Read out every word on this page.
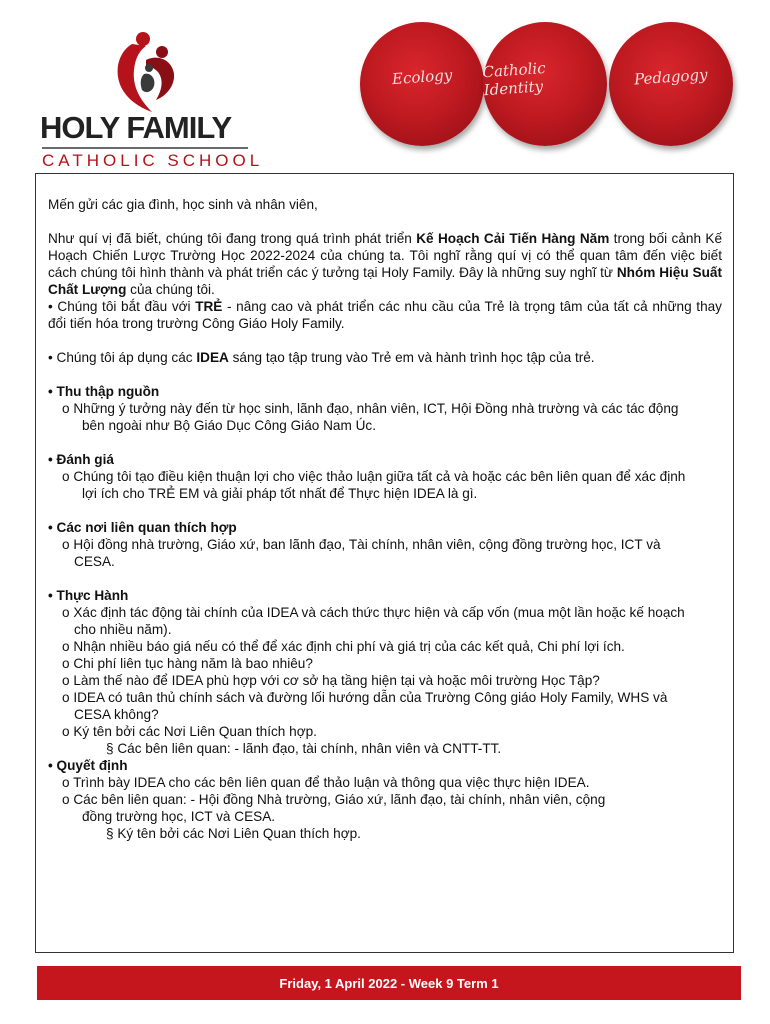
HOLY FAMILY
CATHOLIC SCHOOL
Ecology Catholic Identity	Pedagogy

Mến gửi các gia đình, học sinh và nhân viên,

Như quí vị đã biết, chúng tôi đang trong quá trình phát triển Kế Hoạch Cải Tiến Hàng Năm trong bối cảnh Kế Hoạch Chiến Lược Trường Học 2022-2024 của chúng ta. Tôi nghĩ rằng quí vị có thể quan tâm đến việc biết cách chúng tôi hình thành và phát triển các ý tưởng tại Holy Family. Đây là những suy nghĩ từ Nhóm Hiệu Suất Chất Lượng của chúng tôi.

• Chúng tôi bắt đầu với TRẺ - nâng cao và phát triển các nhu cầu của Trẻ là trọng tâm của tất cả những thay đổi tiến hóa trong trường Công Giáo Holy Family.

• Chúng tôi áp dụng các IDEA sáng tạo tập trung vào Trẻ em và hành trình học tập của trẻ.

• Thu thập nguồn

o Những ý tưởng này đến từ học sinh, lãnh đạo, nhân viên, ICT, Hội Đồng nhà trường và các tác động

bên ngoài như Bộ Giáo Dục Công Giáo Nam Úc.

• Đánh giá

o Chúng tôi tạo điều kiện thuận lợi cho việc thảo luận giữa tất cả và hoặc các bên liên quan để xác định

lợi ích cho TRẺ EM và giải pháp tốt nhất để Thực hiện IDEA là gì.

• Các nơi liên quan thích hợp

o Hội đồng nhà trường, Giáo xứ, ban lãnh đạo, Tài chính, nhân viên, cộng đồng trường học, ICT và

CESA.

• Thực Hành

o Xác định tác động tài chính của IDEA và cách thức thực hiện và cấp vốn (mua một lần hoặc kế hoạch

cho nhiều năm).

o Nhận nhiều báo giá nếu có thể để xác định chi phí và giá trị của các kết quả, Chi phí lợi ích.

o Chi phí liên tục hàng năm là bao nhiêu?

o Làm thế nào để IDEA phù hợp với cơ sở hạ tầng hiện tại và hoặc môi trường Học Tập?

o IDEA có tuân thủ chính sách và đường lối hướng dẫn của Trường Công giáo Holy Family, WHS và

CESA không?

o Ký tên bởi các Nơi Liên Quan thích hợp.

§ Các bên liên quan: - lãnh đạo, tài chính, nhân viên và CNTT-TT.

• Quyết định

o Trình bày IDEA cho các bên liên quan để thảo luận và thông qua việc thực hiện IDEA.

o Các bên liên quan: - Hội đồng Nhà trường, Giáo xứ, lãnh đạo, tài chính, nhân viên, cộng

đồng trường học, ICT và CESA.

§ Ký tên bởi các Nơi Liên Quan thích hợp.

Friday, 1 April 2022 - Week 9 Term 1
